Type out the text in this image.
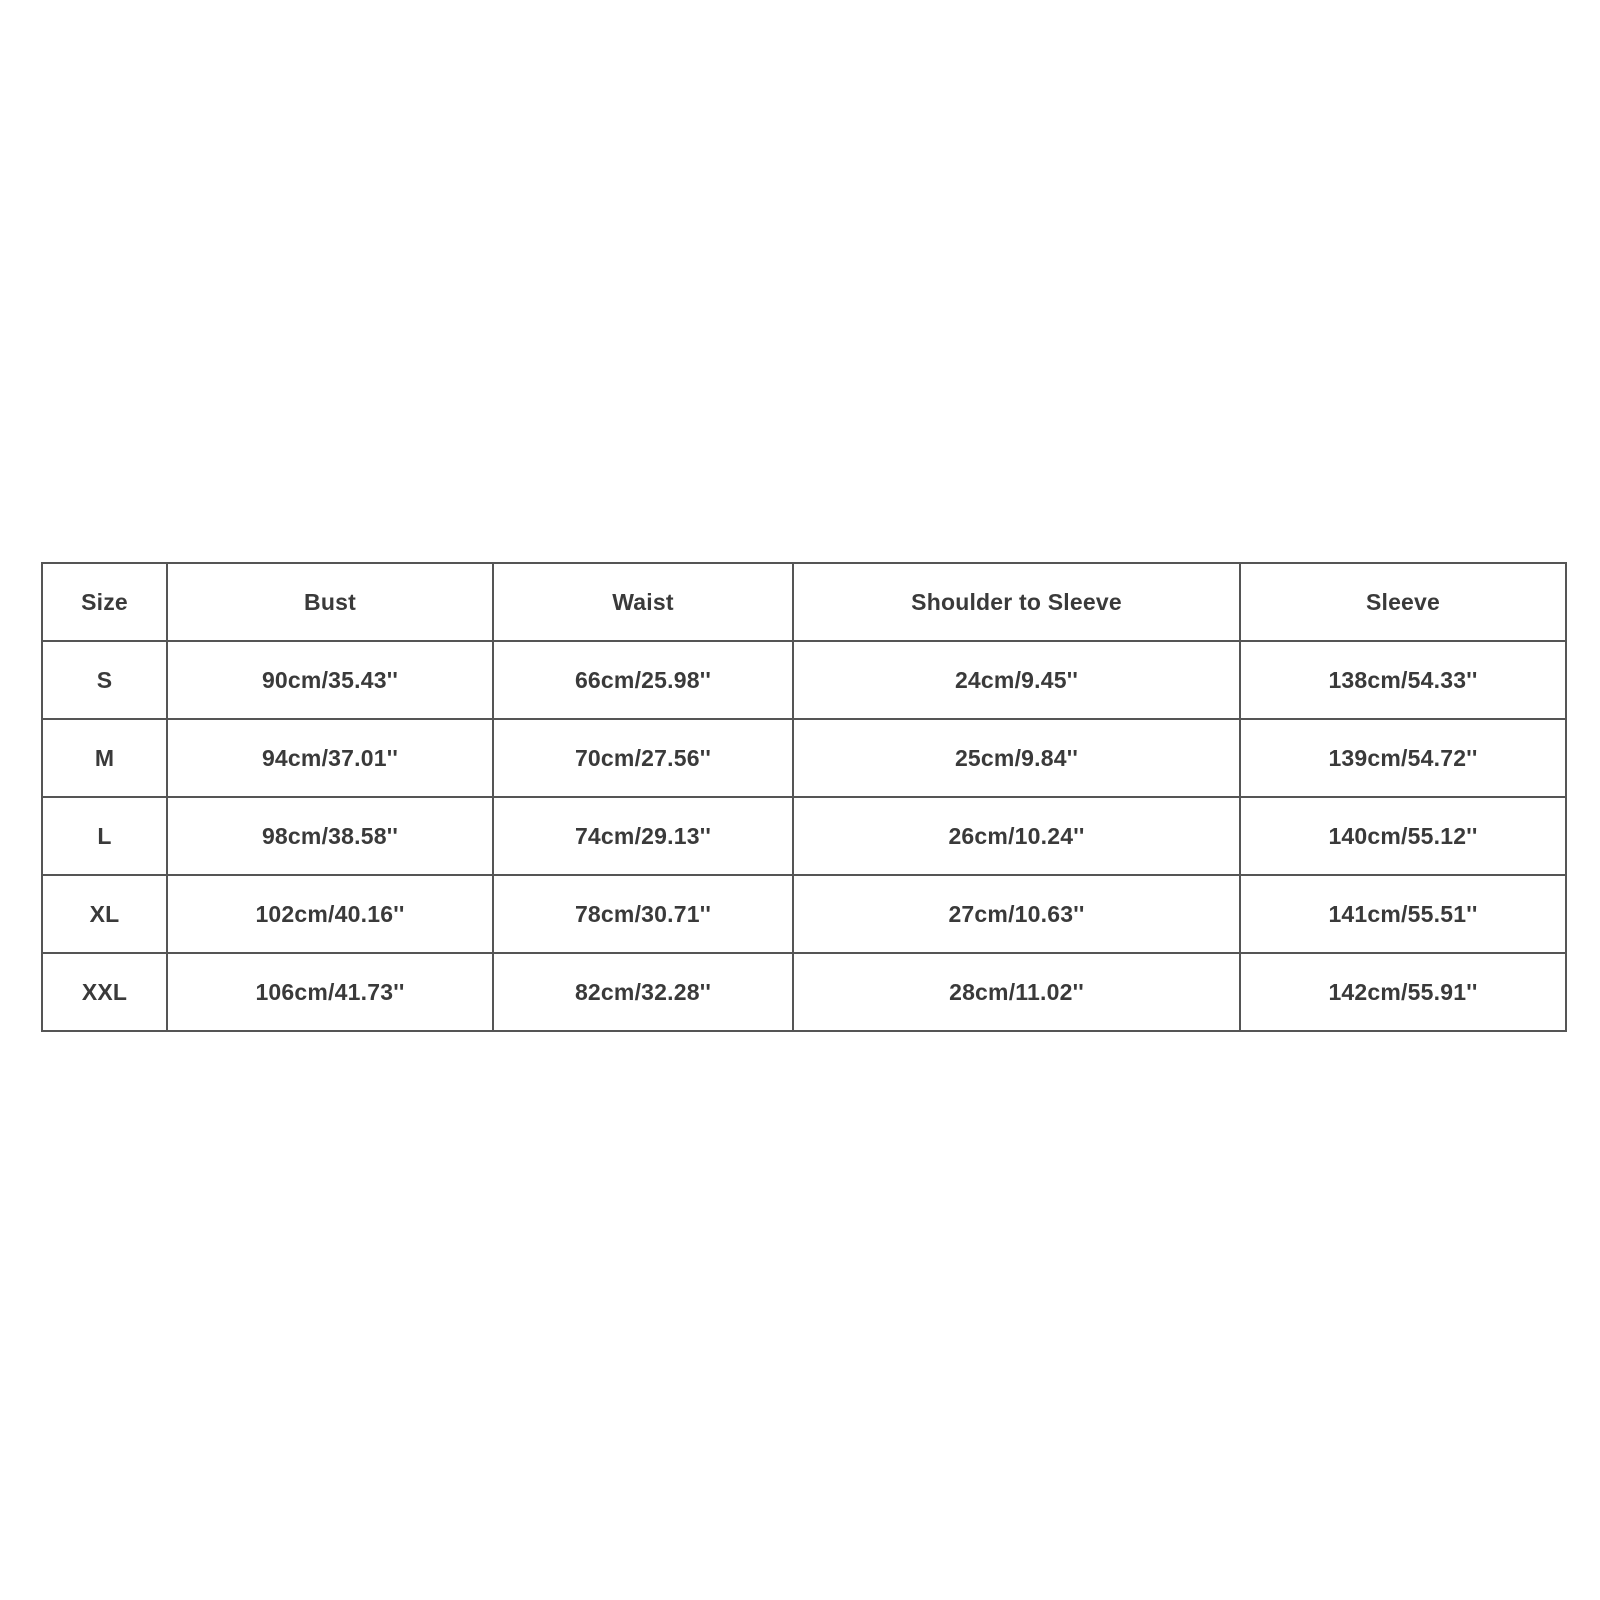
Size	Bust	Waist	Shoulder to Sleeve	Sleeve
S	90cm/35.43''	66cm/25.98''	24cm/9.45''	138cm/54.33''
M	94cm/37.01''	70cm/27.56''	25cm/9.84''	139cm/54.72''
L	98cm/38.58''	74cm/29.13''	26cm/10.24''	140cm/55.12''
XL	102cm/40.16''	78cm/30.71''	27cm/10.63''	141cm/55.51''
XXL	106cm/41.73''	82cm/32.28''	28cm/11.02''	142cm/55.91''
